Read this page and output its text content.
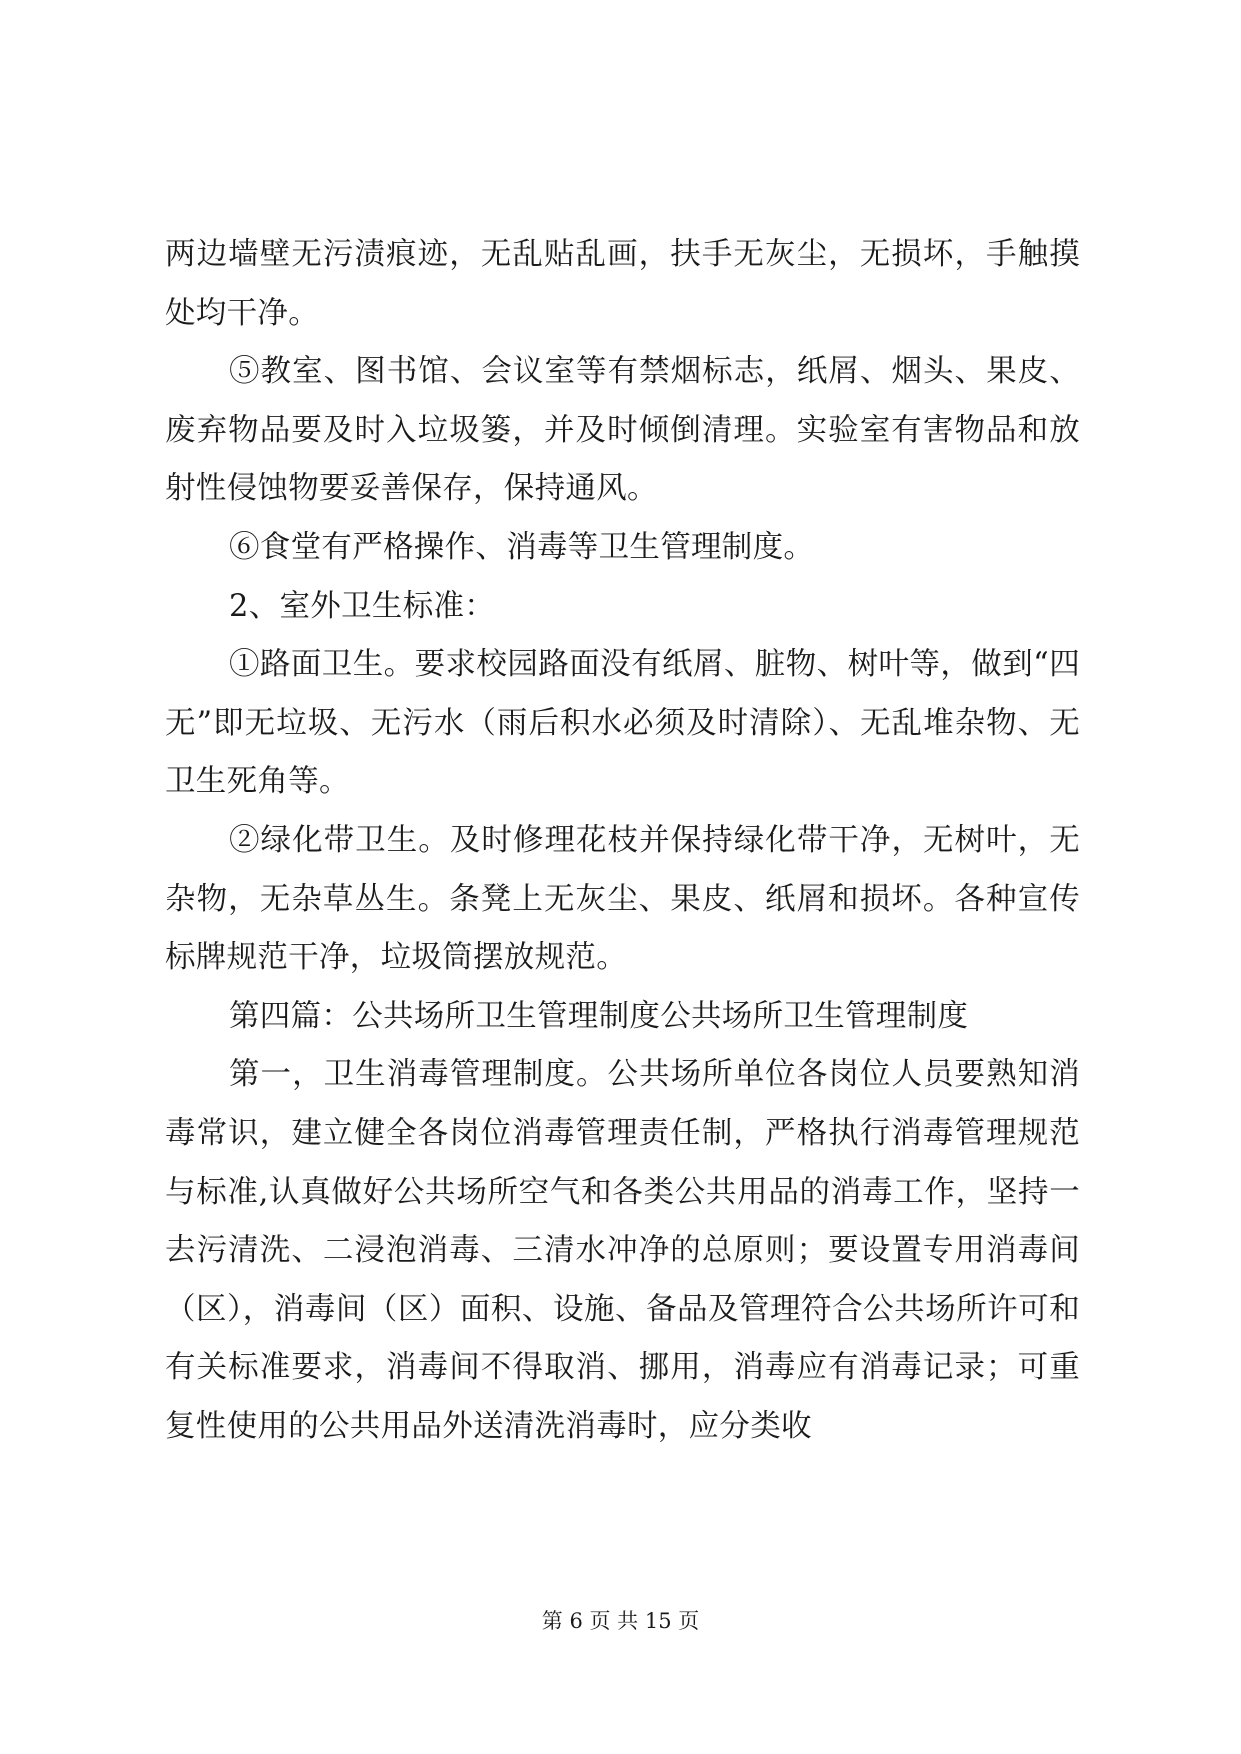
两边墙壁无污渍痕迹，无乱贴乱画，扶手无灰尘，无损坏，手触摸处均干净。

⑤教室、图书馆、会议室等有禁烟标志，纸屑、烟头、果皮、废弃物品要及时入垃圾篓，并及时倾倒清理。实验室有害物品和放射性侵蚀物要妥善保存，保持通风。

⑥食堂有严格操作、消毒等卫生管理制度。

2、室外卫生标准：

①路面卫生。要求校园路面没有纸屑、脏物、树叶等，做到“四无”即无垃圾、无污水（雨后积水必须及时清除）、无乱堆杂物、无卫生死角等。

②绿化带卫生。及时修理花枝并保持绿化带干净，无树叶，无杂物，无杂草丛生。条凳上无灰尘、果皮、纸屑和损坏。各种宣传标牌规范干净，垃圾筒摆放规范。

第四篇：公共场所卫生管理制度公共场所卫生管理制度

第一，卫生消毒管理制度。公共场所单位各岗位人员要熟知消毒常识，建立健全各岗位消毒管理责任制，严格执行消毒管理规范与标准,认真做好公共场所空气和各类公共用品的消毒工作，坚持一去污清洗、二浸泡消毒、三清水冲净的总原则；要设置专用消毒间（区），消毒间（区）面积、设施、备品及管理符合公共场所许可和有关标准要求，消毒间不得取消、挪用，消毒应有消毒记录；可重复性使用的公共用品外送清洗消毒时，应分类收

第 6 页 共 15 页
